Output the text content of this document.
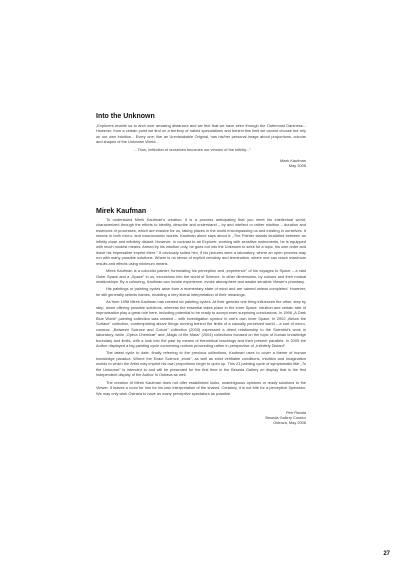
Into the Unknown

„Explorers enable us to arch over amazing distances and we feel that we have seen through the Outermost Darkness... However, from a certain point we find on a territory of naked speculations and behind this limit we cannot choose but rely on our own intuition... Every one, like an Unmistakable Original, has his/her personal image about proportions, colours and shapes of the Unknown World...

...Thus, reflection of ourselves becomes our version of the Infinity..."

Mirek Kaufman

May 2006

Mirek Kaufman

To understand Mirek Kaufman's creation, it is a process anticipating that you meet his intellectual world, characterized through the efforts to identify, describe and understand – by and intellect or rather intuition – duration and essences of processes, which are evasive for us, taking places in the world encompassing us and existing in ourselves. It means in both micro- and macrocosmic worlds. Kaufman alone says about it: „The Painter stands straddled between an infinity close and infinitely distant. However, in contrast to an Explorer, working with sensitive instruments, he is equipped with much modest means. Armed by his intuition only, he goes out into the Unknown to seek for a topic, his own order and leave his impressible imprint there." It obviously suited him, if his pictures were a laboratory, where an open process may run with many possible solutions. Where is no sense of explicit certainty and termination, where one can reach maximum results and effects using minimum means.

Mirek Kaufman is a colourist painter, formulating his perception and „experience" of his voyages to Space – a vast Outer Space and a „Space" in us, excursions into the world of Science, in other dimensions, by colours and their mutual relationships. By a colouring, Kaufman can invoke experience, evoke atmosphere and awake sensible Viewer's phantasy.

His paintings or painting cycles arise from a momentary state of mind and are named unless completed. However, he still generally selects names, enabling a very liberal interpretation of their meanings.

As from 1998 Mirek Kaufman has created six painting cycles. At their genesis one thing influences the other, step by step, alone offering possible solutions, whereas the essential takes place in the inner Space. Intuition and certain rate of improvisation play a great role here, including potential to be ready to accept even surprising conclusions. In 1998 „A Dark Blue World" painting collection was created – with investigation symbol in one's own inner Space. In 2002 „Below the Surface" collection, contemplating above things running behind the limits of a casually perceived world – a sort of micro-cosmos. „Between Science and Colour" collection (2003) expressed a direct relationship to the Scientist's work in laboratory, while „Opera Chemicæ" and „Magic of the Mass" (2004) collections focused on the topic of human knowledge boundary and limits, with a look into the past by means of theoretical teachings and their present parallels. In 2005 the Author displayed a big painting cycle concerning notions proceeding rather in perspective of „Infinitely Distant".

The latest cycle to date, finally referring to the previous collections, Kaufman uses to cover a theme of human knowledge paradox. Where the Exact Science „ends", as well as strict verifiable conditions, Intuition and Imagination worlds to which the Artist may imprint his own proportions begin to open up. This 21 painting cycle of symptomatic title „To the Unknown" is intended to and will be presented for the first time in the Beseda Gallery on display that is the first independent display of the Author in Ostrava as well.

The creation of Mirek Kaufman does not offer established looks, unambiguous opinions or ready solutions to the Viewer. It leaves a room for him for his own interpretation of the shared. Certainly, it is not trite for a perceptive Spectator. We may only wish Ostrava to have as many perceptive spectators as possible.

Petr Pavala

Beseda Gallery Curator

Ostrava, May 2006

27
